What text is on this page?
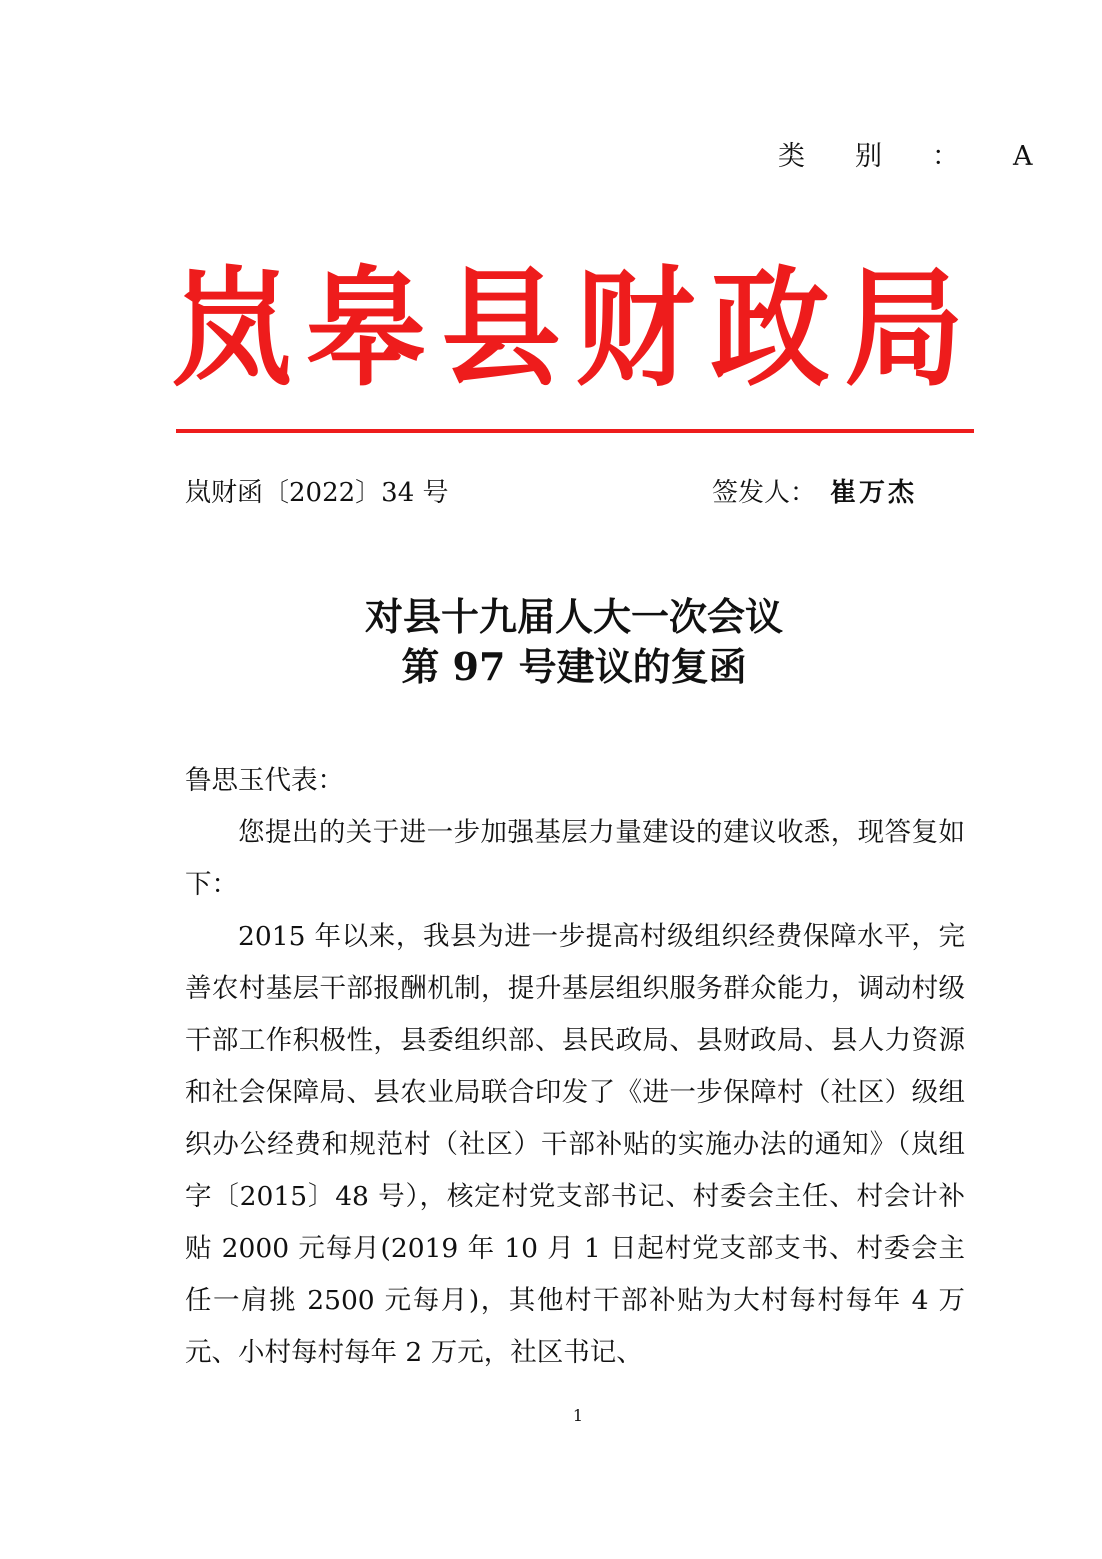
类别： A
岚 皋 县 财 政 局
岚财函〔2022〕34 号	签发人： 崔万杰
对县十九届人大一次会议
第 97 号建议的复函

鲁思玉代表：

您提出的关于进一步加强基层力量建设的建议收悉，现答复如下：

2015 年以来，我县为进一步提高村级组织经费保障水平，完善农村基层干部报酬机制，提升基层组织服务群众能力，调动村级干部工作积极性，县委组织部、县民政局、县财政局、县人力资源和社会保障局、县农业局联合印发了《进一步保障村（社区）级组织办公经费和规范村（社区）干部补贴的实施办法的通知》（岚组字〔2015〕48 号），核定村党支部书记、村委会主任、村会计补贴 2000 元每月(2019 年 10 月 1 日起村党支部支书、村委会主任一肩挑 2500 元每月)，其他村干部补贴为大村每村每年 4 万元、小村每村每年 2 万元，社区书记、

1
